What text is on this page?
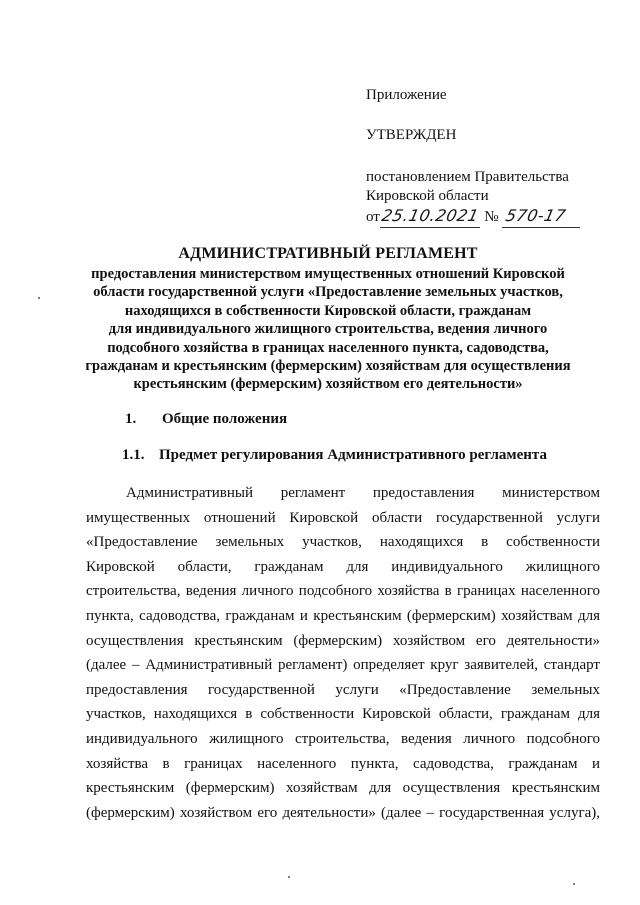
Приложение
УТВЕРЖДЕН
постановлением Правительства
Кировской области
от25.10.2021 № 570-17
АДМИНИСТРАТИВНЫЙ РЕГЛАМЕНТ
предоставления министерством имущественных отношений Кировской
области государственной услуги «Предоставление земельных участков,
находящихся в собственности Кировской области, гражданам
для индивидуального жилищного строительства, ведения личного
подсобного хозяйства в границах населенного пункта, садоводства,
гражданам и крестьянским (фермерским) хозяйствам для осуществления
крестьянским (фермерским) хозяйством его деятельности»
1. Общие положения
1.1. Предмет регулирования Административного регламента
Административный регламент предоставления министерством
имущественных отношений Кировской области государственной услуги
«Предоставление земельных участков, находящихся в собственности
Кировской области, гражданам для индивидуального жилищного
строительства, ведения личного подсобного хозяйства в границах населенного
пункта, садоводства, гражданам и крестьянским (фермерским) хозяйствам для
осуществления крестьянским (фермерским) хозяйством его деятельности»
(далее – Административный регламент) определяет круг заявителей, стандарт
предоставления государственной услуги «Предоставление земельных
участков, находящихся в собственности Кировской области, гражданам для
индивидуального жилищного строительства, ведения личного подсобного
хозяйства в границах населенного пункта, садоводства, гражданам и
крестьянским (фермерским) хозяйствам для осуществления крестьянским
(фермерским) хозяйством его деятельности» (далее – государственная услуга),
